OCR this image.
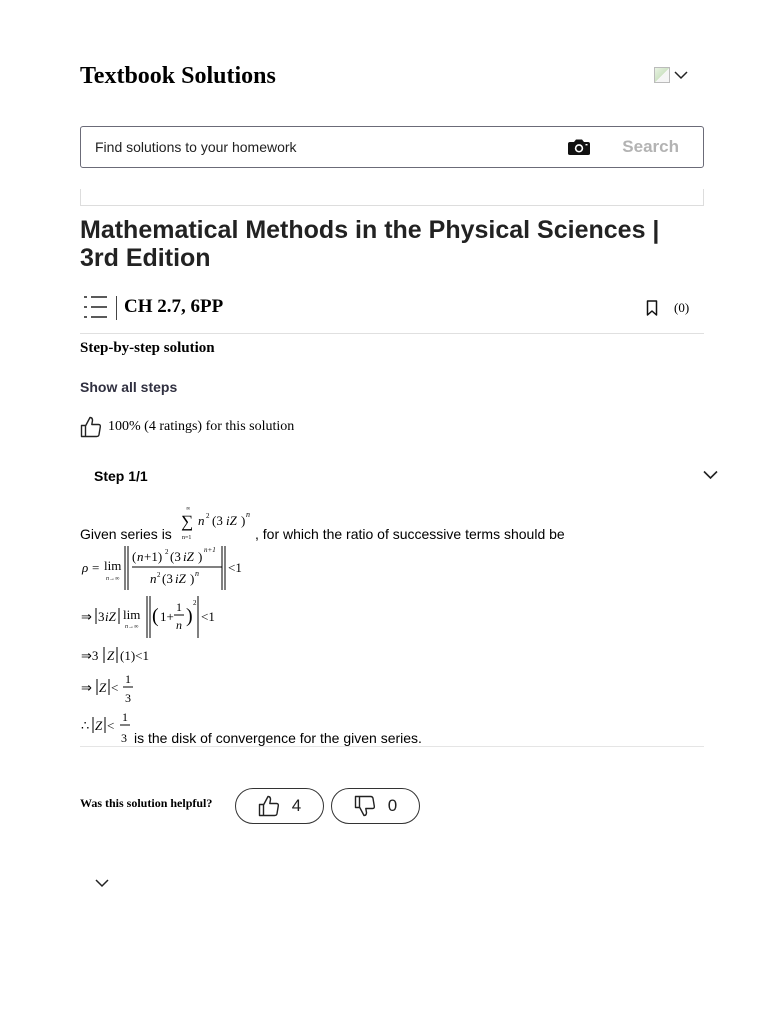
Textbook Solutions
Find solutions to your homework
Search
Mathematical Methods in the Physical Sciences | 3rd Edition
CH 2.7, 6PP	(0)
Step-by-step solution
Show all steps
100% (4 ratings) for this solution
Step 1/1
Given series is
∞
∑
n=1
n 2 (3 iZ ) n
, for which the ratio of successive terms should be
ρ = lim
n→∞
( n +1) 2 (3 iZ ) n+1
n 2 (3 iZ ) n <1
⇒ 3 iZ lim
n→∞ ( 1+
1
n )
2
<1
⇒3 Z (1)<1
⇒ Z <
1
3
∴ Z <
1
3 is the disk of convergence for the given series.
Was this solution helpful?	4	0
